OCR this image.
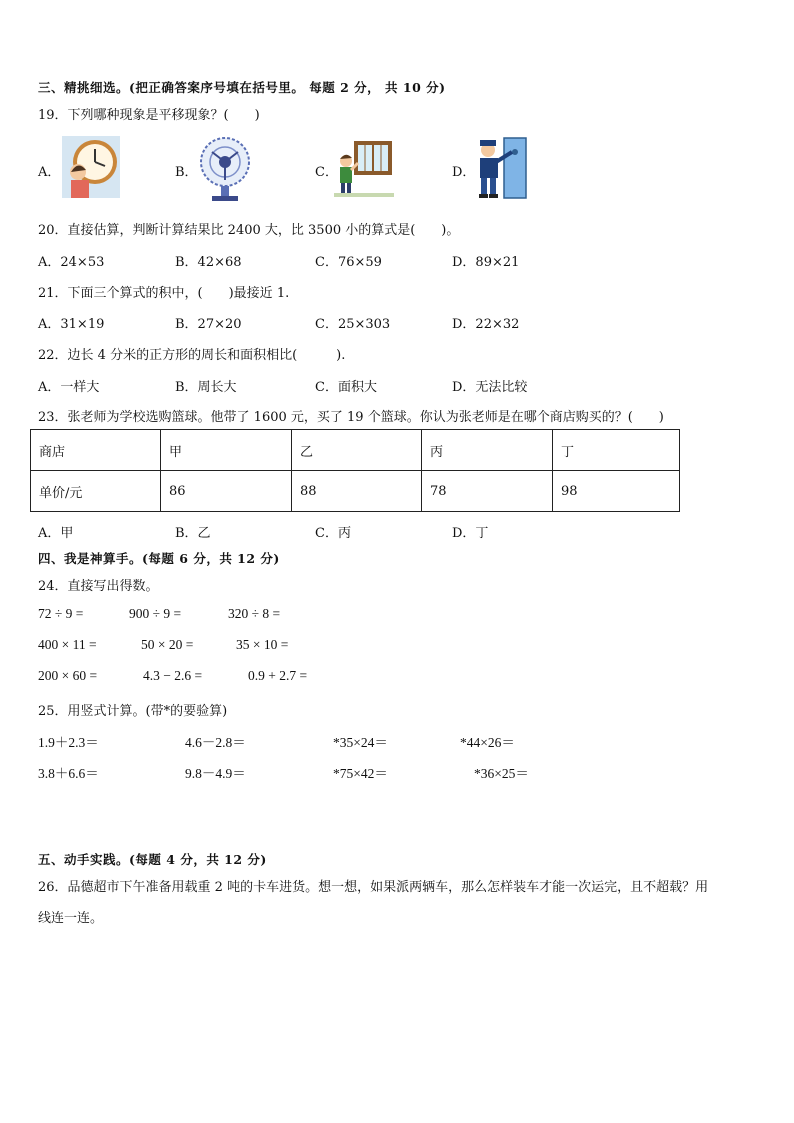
三、精挑细选。(把正确答案序号填在括号里。 每题 2 分， 共 10 分)
19．下列哪种现象是平移现象？(　　)
A．	B．	C．	D．
20．直接估算，判断计算结果比 2400 大，比 3500 小的算式是(　　)。
A．24×53	B．42×68	C．76×59	D．89×21
21．下面三个算式的积中，(　　)最接近 1.
A．31×19	B．27×20	C．25×303	D．22×32
22．边长 4 分米的正方形的周长和面积相比(　　　).
A．一样大	B．周长大	C．面积大	D．无法比较
23．张老师为学校选购篮球。他带了 1600 元，买了 19 个篮球。你认为张老师是在哪个商店购买的？(　　)
商店	甲	乙	丙	丁
单价/元	86	88	78	98
A．甲	B．乙	C．丙	D．丁
四、我是神算手。(每题 6 分，共 12 分)
24．直接写出得数。
72 ÷ 9 =	900 ÷ 9 =	320 ÷ 8 =
400 × 11 =	50 × 20 =	35 × 10 =
200 × 60 =	4.3 − 2.6 =	0.9 + 2.7 =
25．用竖式计算。(带*的要验算)
1.9＋2.3＝	4.6－2.8＝	*35×24＝	*44×26＝
3.8＋6.6＝	9.8－4.9＝	*75×42＝	*36×25＝
五、动手实践。(每题 4 分，共 12 分)
26．品德超市下午准备用载重 2 吨的卡车进货。想一想，如果派两辆车，那么怎样装车才能一次运完，且不超载？用
线连一连。
